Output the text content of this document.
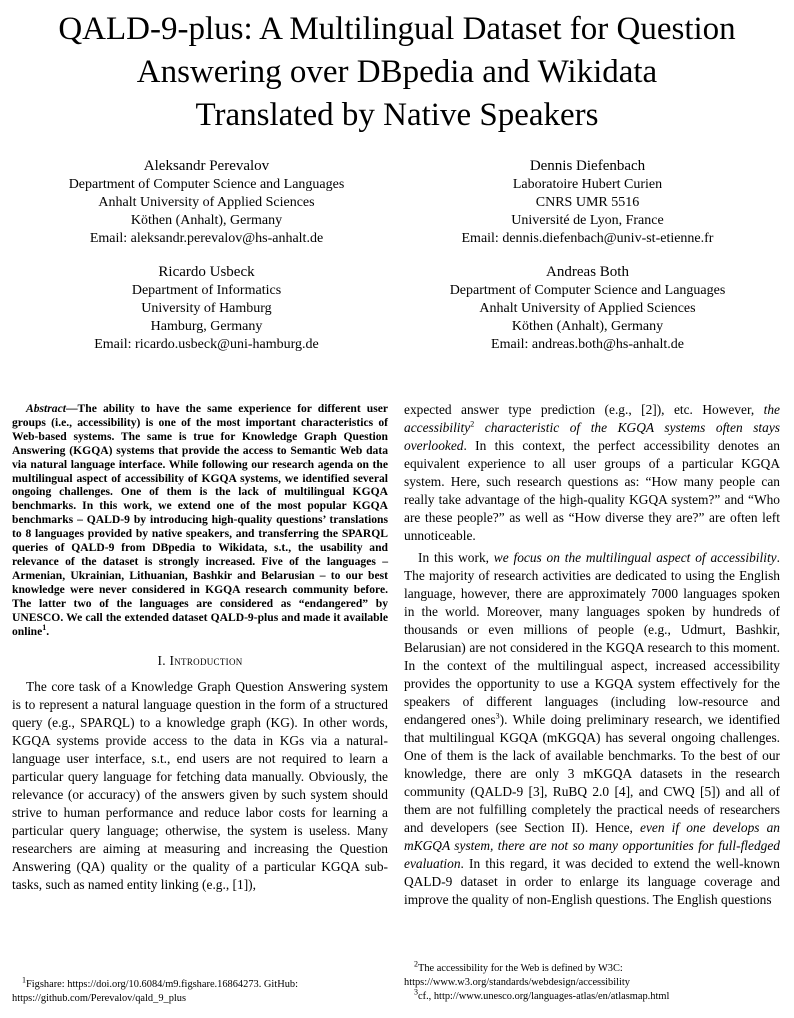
QALD-9-plus: A Multilingual Dataset for Question
Answering over DBpedia and Wikidata
Translated by Native Speakers
Aleksandr Perevalov
Department of Computer Science and Languages
Anhalt University of Applied Sciences
Köthen (Anhalt), Germany
Email: aleksandr.perevalov@hs-anhalt.de
Dennis Diefenbach
Laboratoire Hubert Curien
CNRS UMR 5516
Université de Lyon, France
Email: dennis.diefenbach@univ-st-etienne.fr
Ricardo Usbeck
Department of Informatics
University of Hamburg
Hamburg, Germany
Email: ricardo.usbeck@uni-hamburg.de
Andreas Both
Department of Computer Science and Languages
Anhalt University of Applied Sciences
Köthen (Anhalt), Germany
Email: andreas.both@hs-anhalt.de

Abstract—The ability to have the same experience for different user groups (i.e., accessibility) is one of the most important characteristics of Web-based systems. The same is true for Knowledge Graph Question Answering (KGQA) systems that provide the access to Semantic Web data via natural language interface. While following our research agenda on the multilingual aspect of accessibility of KGQA systems, we identified several ongoing challenges. One of them is the lack of multilingual KGQA benchmarks. In this work, we extend one of the most popular KGQA benchmarks – QALD-9 by introducing high-quality questions’ translations to 8 languages provided by native speakers, and transferring the SPARQL queries of QALD-9 from DBpedia to Wikidata, s.t., the usability and relevance of the dataset is strongly increased. Five of the languages – Armenian, Ukrainian, Lithuanian, Bashkir and Belarusian – to our best knowledge were never considered in KGQA research community before. The latter two of the languages are considered as “endangered” by UNESCO. We call the extended dataset QALD-9-plus and made it available online$^1$.

I. Introduction

The core task of a Knowledge Graph Question Answering system is to represent a natural language question in the form of a structured query (e.g., SPARQL) to a knowledge graph (KG). In other words, KGQA systems provide access to the data in KGs via a natural-language user interface, s.t., end users are not required to learn a particular query language for fetching data manually. Obviously, the relevance (or accuracy) of the answers given by such system should strive to human performance and reduce labor costs for learning a particular query language; otherwise, the system is useless. Many researchers are aiming at measuring and increasing the Question Answering (QA) quality or the quality of a particular KGQA sub-tasks, such as named entity linking (e.g., [1]),

expected answer type prediction (e.g., [2]), etc. However, the accessibility$^2$ characteristic of the KGQA systems often stays overlooked. In this context, the perfect accessibility denotes an equivalent experience to all user groups of a particular KGQA system. Here, such research questions as: “How many people can really take advantage of the high-quality KGQA system?” and “Who are these people?” as well as “How diverse they are?” are often left unnoticeable.

In this work, we focus on the multilingual aspect of accessibility. The majority of research activities are dedicated to using the English language, however, there are approximately 7000 languages spoken in the world. Moreover, many languages spoken by hundreds of thousands or even millions of people (e.g., Udmurt, Bashkir, Belarusian) are not considered in the KGQA research to this moment. In the context of the multilingual aspect, increased accessibility provides the opportunity to use a KGQA system effectively for the speakers of different languages (including low-resource and endangered ones$^3$). While doing preliminary research, we identified that multilingual KGQA (mKGQA) has several ongoing challenges. One of them is the lack of available benchmarks. To the best of our knowledge, there are only 3 mKGQA datasets in the research community (QALD-9 [3], RuBQ 2.0 [4], and CWQ [5]) and all of them are not fulfilling completely the practical needs of researchers and developers (see Section II). Hence, even if one develops an mKGQA system, there are not so many opportunities for full-fledged evaluation. In this regard, it was decided to extend the well-known QALD-9 dataset in order to enlarge its language coverage and improve the quality of non-English questions. The English questions

$^1$Figshare: https://doi.org/10.6084/m9.figshare.16864273. GitHub: https://github.com/Perevalov/qald_9_plus

$^2$The accessibility for the Web is defined by W3C: https://www.w3.org/standards/webdesign/accessibility

$^3$cf., http://www.unesco.org/languages-atlas/en/atlasmap.html
